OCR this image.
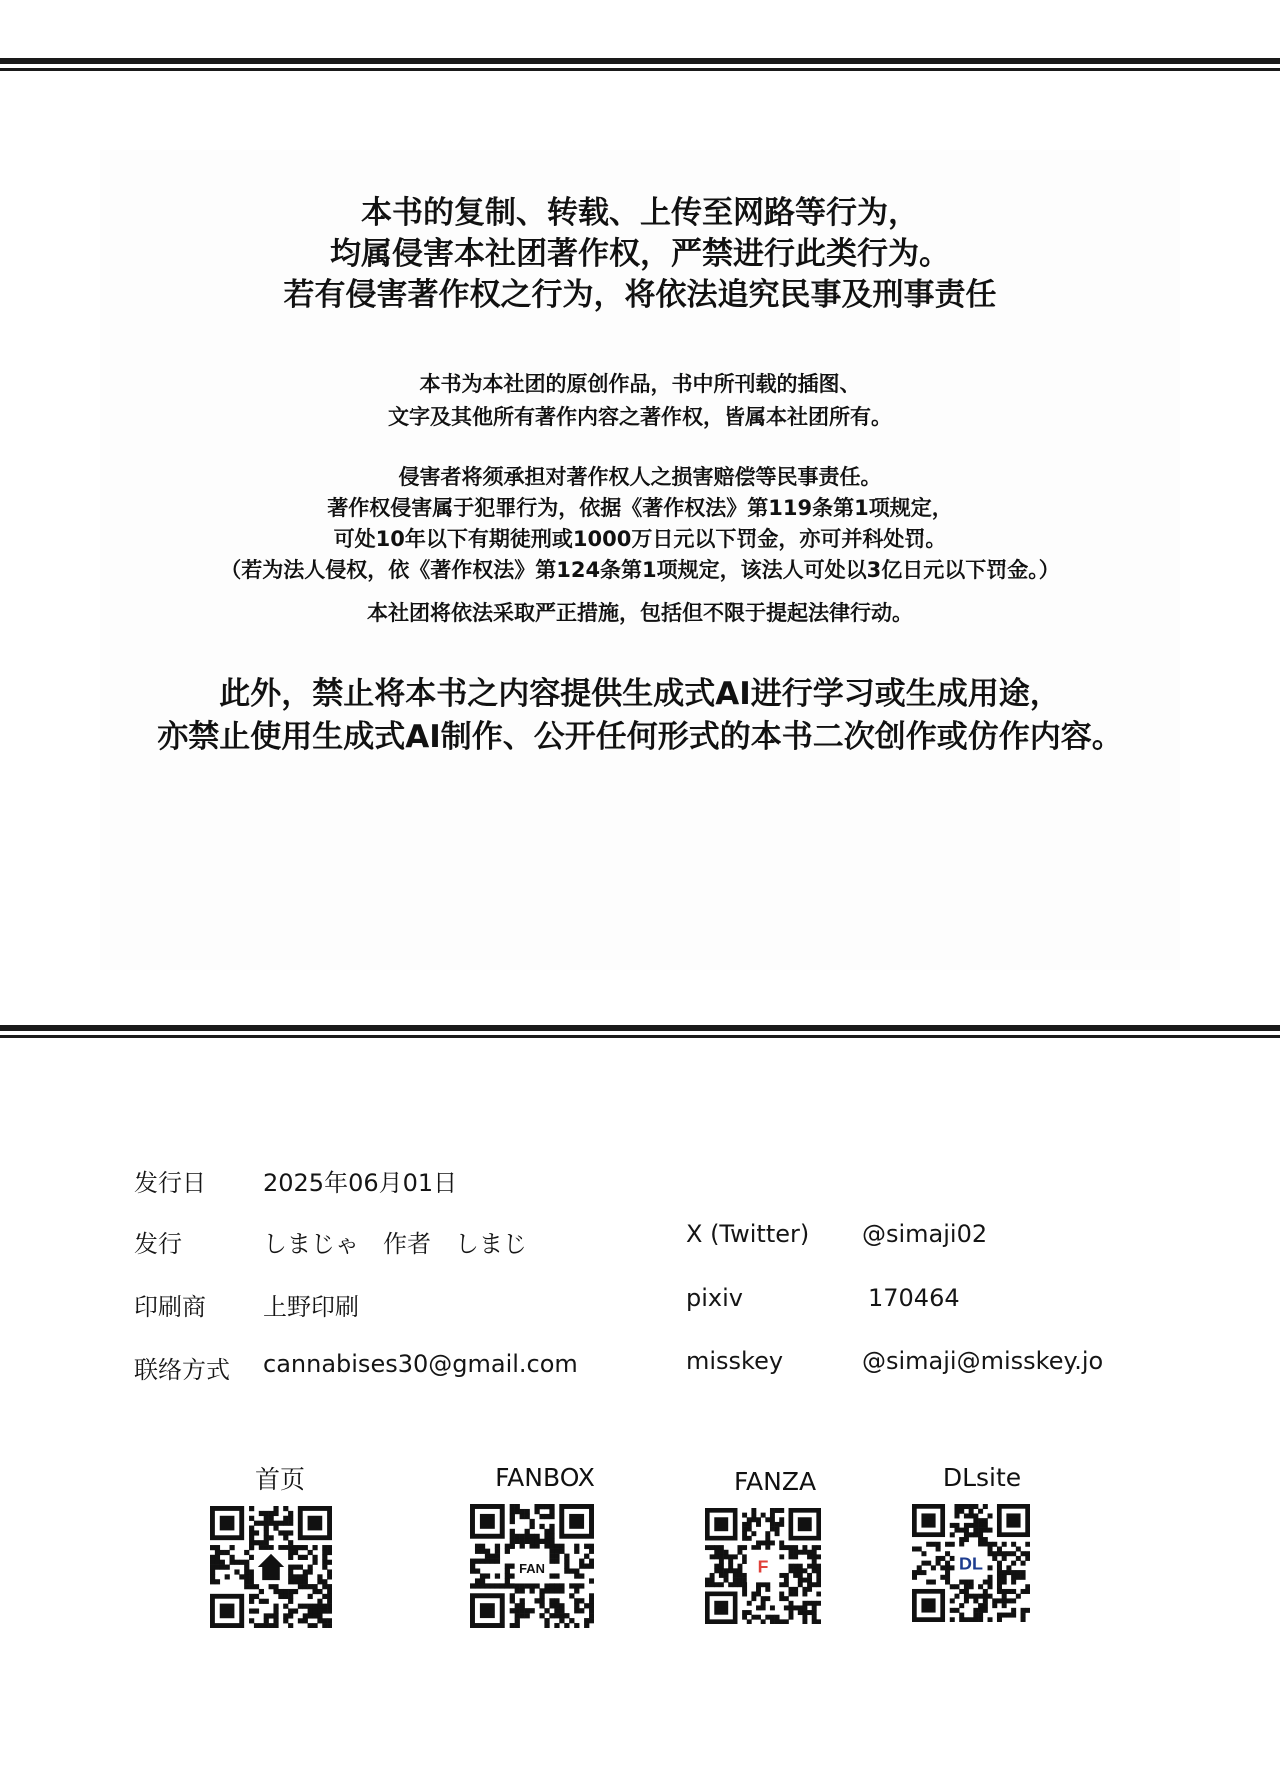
本书的复制、转载、上传至网路等行为，

均属侵害本社团著作权，严禁进行此类行为。

若有侵害著作权之行为，将依法追究民事及刑事责任

本书为本社团的原创作品，书中所刊载的插图、

文字及其他所有著作内容之著作权，皆属本社团所有。

侵害者将须承担对著作权人之损害赔偿等民事责任。

著作权侵害属于犯罪行为，依据《著作权法》第119条第1项规定，

可处10年以下有期徒刑或1000万日元以下罚金，亦可并科处罚。

（若为法人侵权，依《著作权法》第124条第1项规定，该法人可处以3亿日元以下罚金。）

本社团将依法采取严正措施，包括但不限于提起法律行动。

此外，禁止将本书之内容提供生成式AI进行学习或生成用途，

亦禁止使用生成式AI制作、公开任何形式的本书二次创作或仿作内容。

发行日 2025年06月01日
发行	しまじゃ　作者　しまじ	X (Twitter) @simaji02
印刷商 上野印刷	pixiv	170464
联络方式 cannabises30@gmail.com	misskey	@simaji@misskey.jo
首页	FANBOX
FAN
FANZA
F
DLsite
DL
